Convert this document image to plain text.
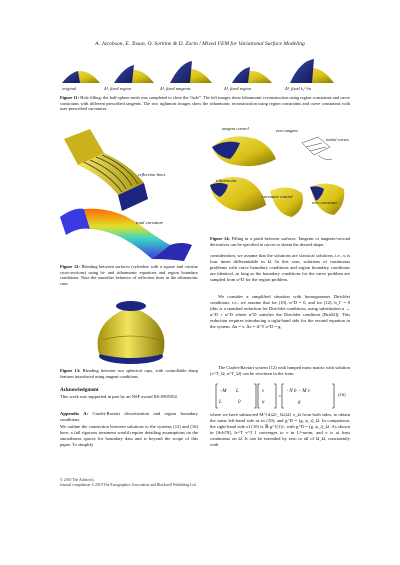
A. Jacobson, E. Tosun, O. Sorkine & D. Zorin / Mixed FEM for Variational Surface Modeling
original	Δ², fixed region	Δ², fixed tangents	Δ³, fixed region	Δ³, fixed k₁² ∂n
Figure 11: Hole filling: the half-sphere mesh was completed to close the “hole”. The left images show biharmonic reconstruction using region constraints and curve constraints with different prescribed tangents. The two rightmost images show the triharmonic reconstruction using region constraints and curve constraints with user-prescribed curvatures.
reflection lines
total curvature
Figure 12: Blending between surfaces (cylinders with a square and circular cross-sections) using bi- and triharmonic equations and region boundary conditions. Note the smoother behavior of reflection lines in the triharmonic case.
Figure 13: Blending between two spherical caps, with controllable sharp features introduced using tangent conditions.
Acknowledgment
This work was supported in part by an NSF award IIS-0905502.
Appendix A: Ciarlet-Raviart discretization and region boundary conditions.
We outline the connection between solutions to the systems (12) and (10) here; a full rigorous treatment would require detailing assumptions on the smoothness spaces for boundary data and is beyond the scope of this paper. To simplify
tangent control	zero tangent
initial curves
triharmonic
curvature control
zero curvature
Figure 14: Filling in a patch between surfaces. Tangents or tangents+second derivatives can be specified at curves to obtain the desired shape.
consideration, we assume that the solutions are classical solutions, i.e., u is four times differentiable in Ω. In this case, solutions of continuous problems with curve boundary conditions and region boundary conditions are identical, as long as the boundary conditions for the curve problem are sampled from u^D for the region problem.
We consider a simplified situation with homogeneous Dirichlet conditions, i.e., we assume that for (10), u^D = 0, and for (12), b_Γ = 0 (this is a standard reduction for Dirichlet conditions, using substitution u → u^D + u^D where u^D satisfies the Dirichlet condition [Bra02]). This reduction requires introducing a right-hand side for the second equation in the system: Δu = v, Δv = Δ^T u^D = g.
The Ciarlet-Raviart system (12) with lumped mass matrix with solution (v^T_Ω, u^T_Ω) can be rewritten in the form
−M L
L	0
v
u
=
−N b − M v
g
(16)
where we have subtracted M^{d,Ω}_{Ω,Ω} v_Ω from both sides, to obtain the same left-hand side as in (10), and g^D = (g, ψ_i)_Ω. In comparison, the right-hand side of (10) is ℝ g^{(1)}, with g^D = (g, ψ_i)_Ω. As shown in [Sch78], ‖v^T v^T ‖ converges to v in L²-norm, and v is at least continuous on Ω. It can be extended by zero to all of Ω_Ω, consistently with
© 2010 The Author(s)
Journal compilation © 2010 The Eurographics Association and Blackwell Publishing Ltd.
